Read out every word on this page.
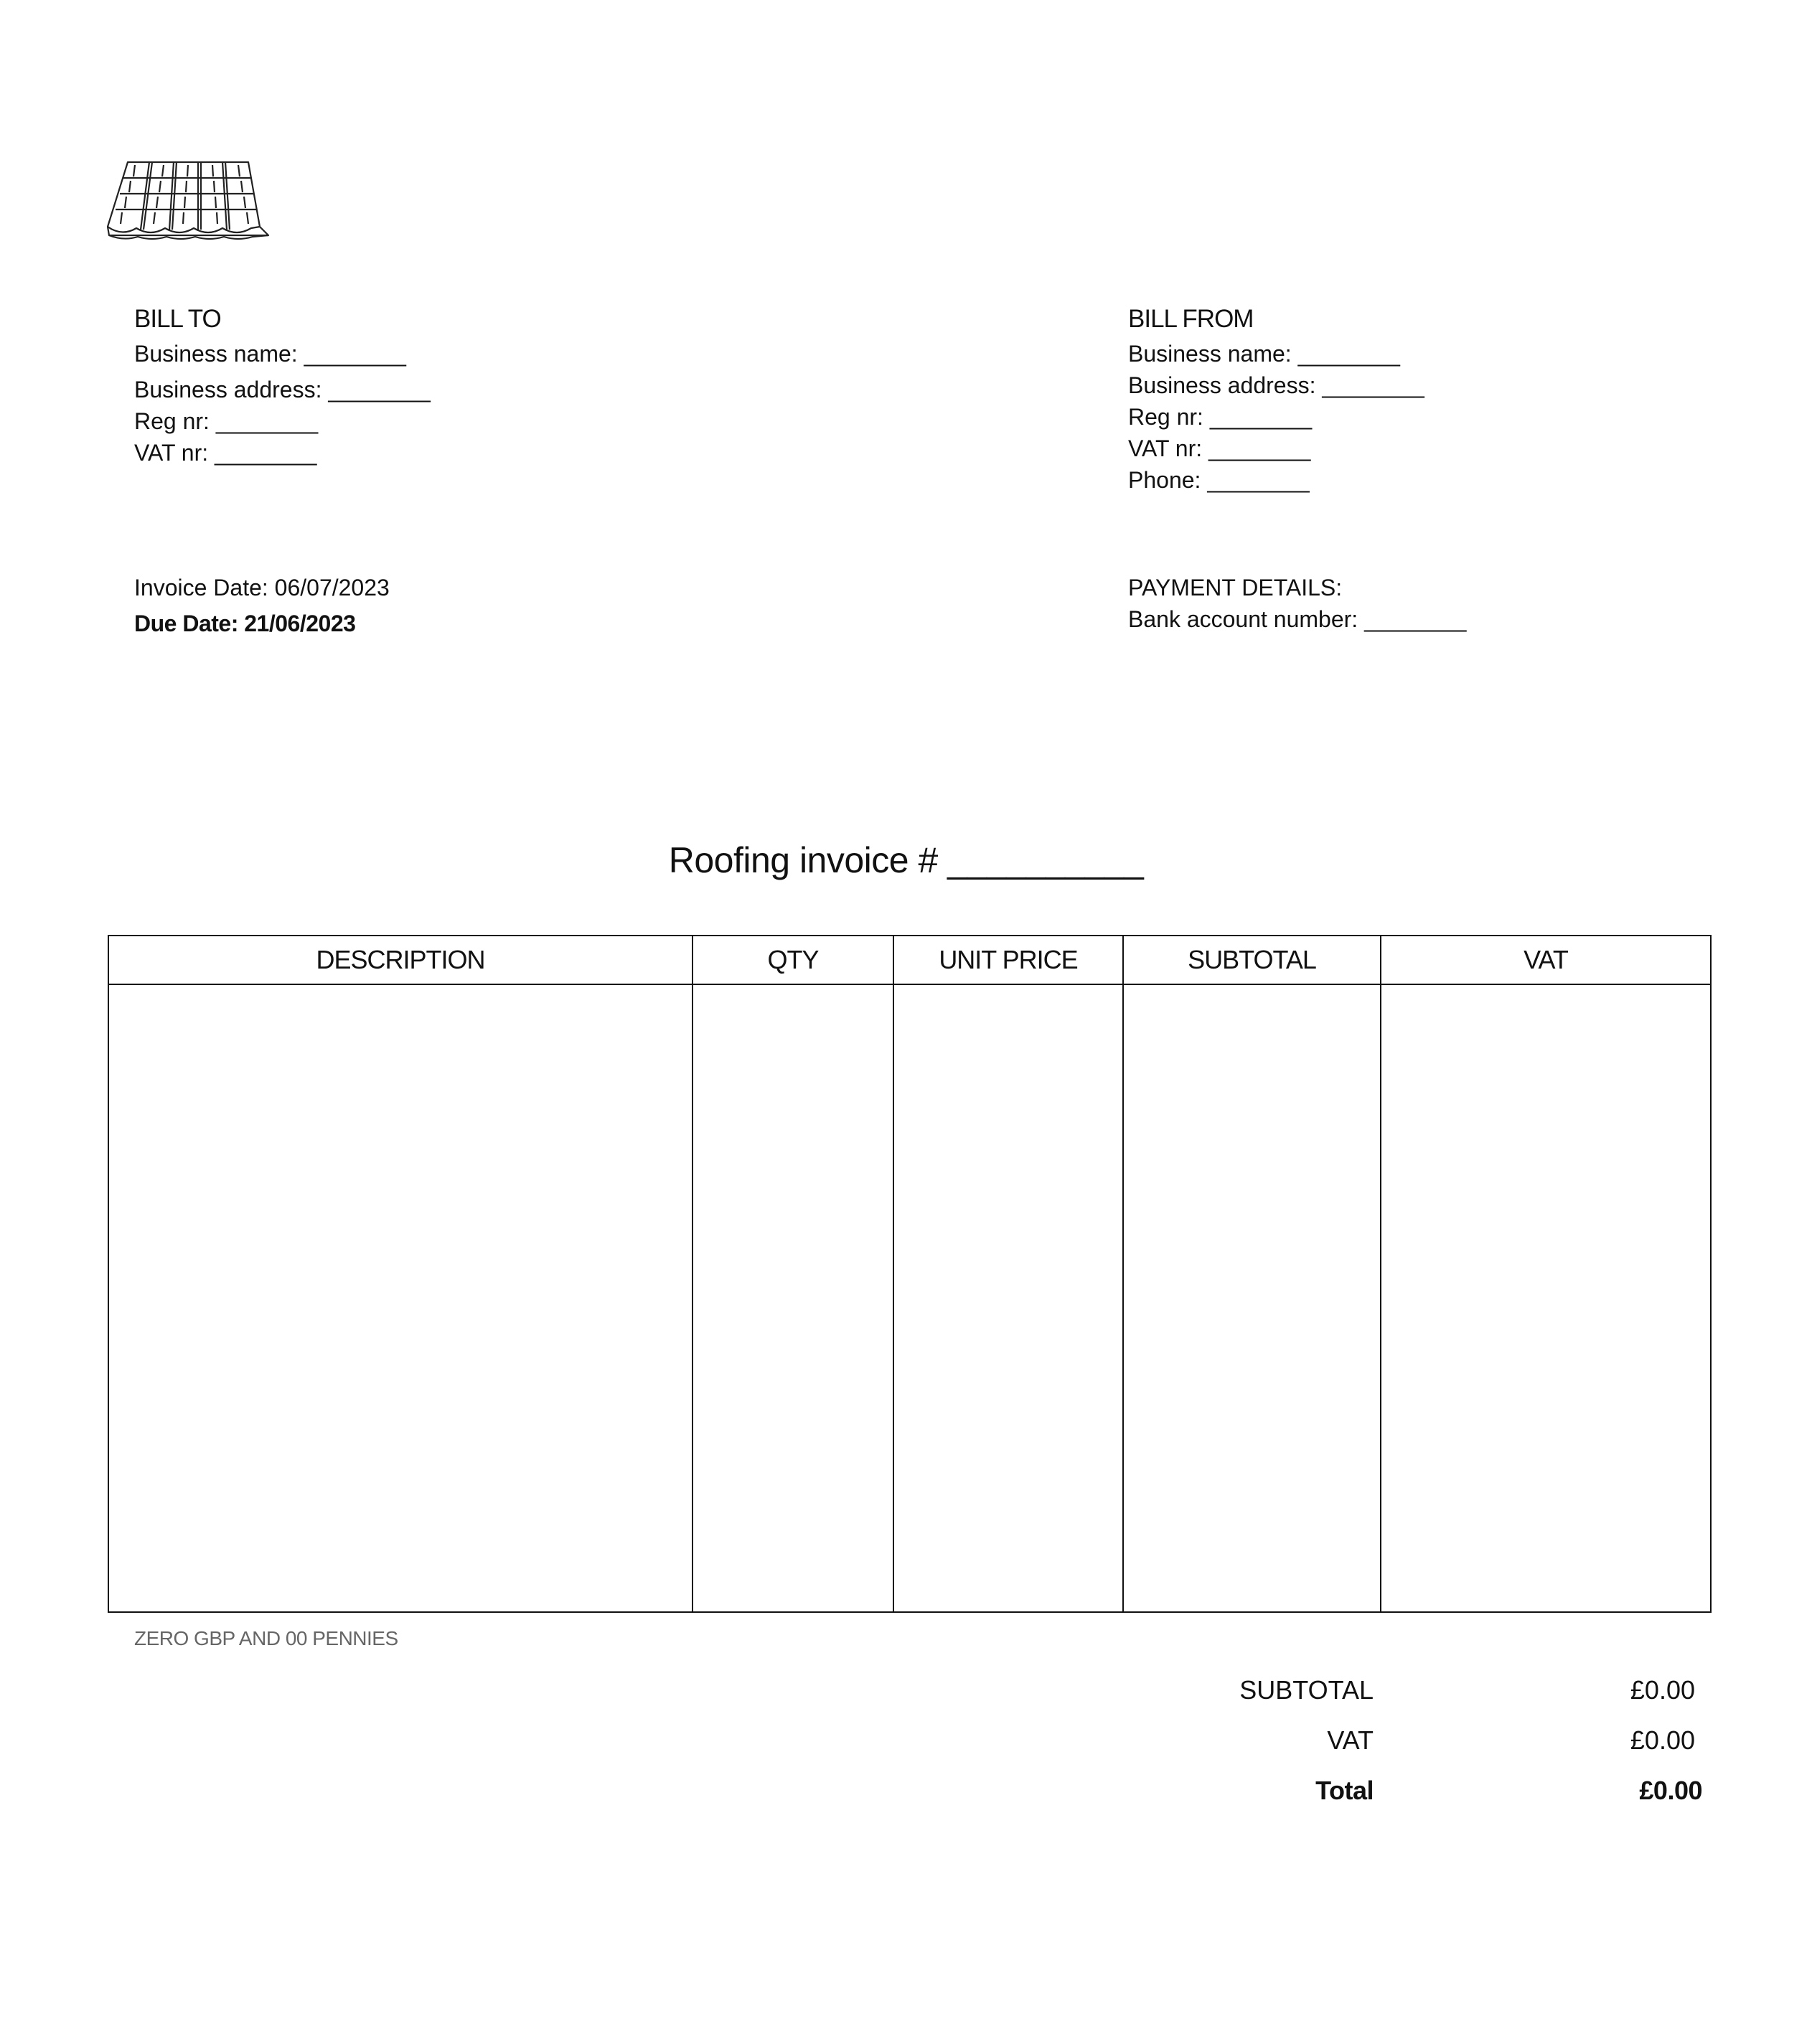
BILL TO
Business name: ________
Business address: ________
Reg nr: ________
VAT nr: ________
BILL FROM
Business name: ________
Business address: ________
Reg nr: ________
VAT nr: ________
Phone: ________
Invoice Date: 06/07/2023
Due Date: 21/06/2023
PAYMENT DETAILS:
Bank account number: ________
Roofing invoice # __________
DESCRIPTION	QTY	UNIT PRICE	SUBTOTAL	VAT

ZERO GBP AND 00 PENNIES
SUBTOTAL	£0.00
VAT	£0.00
Total	£0.00
